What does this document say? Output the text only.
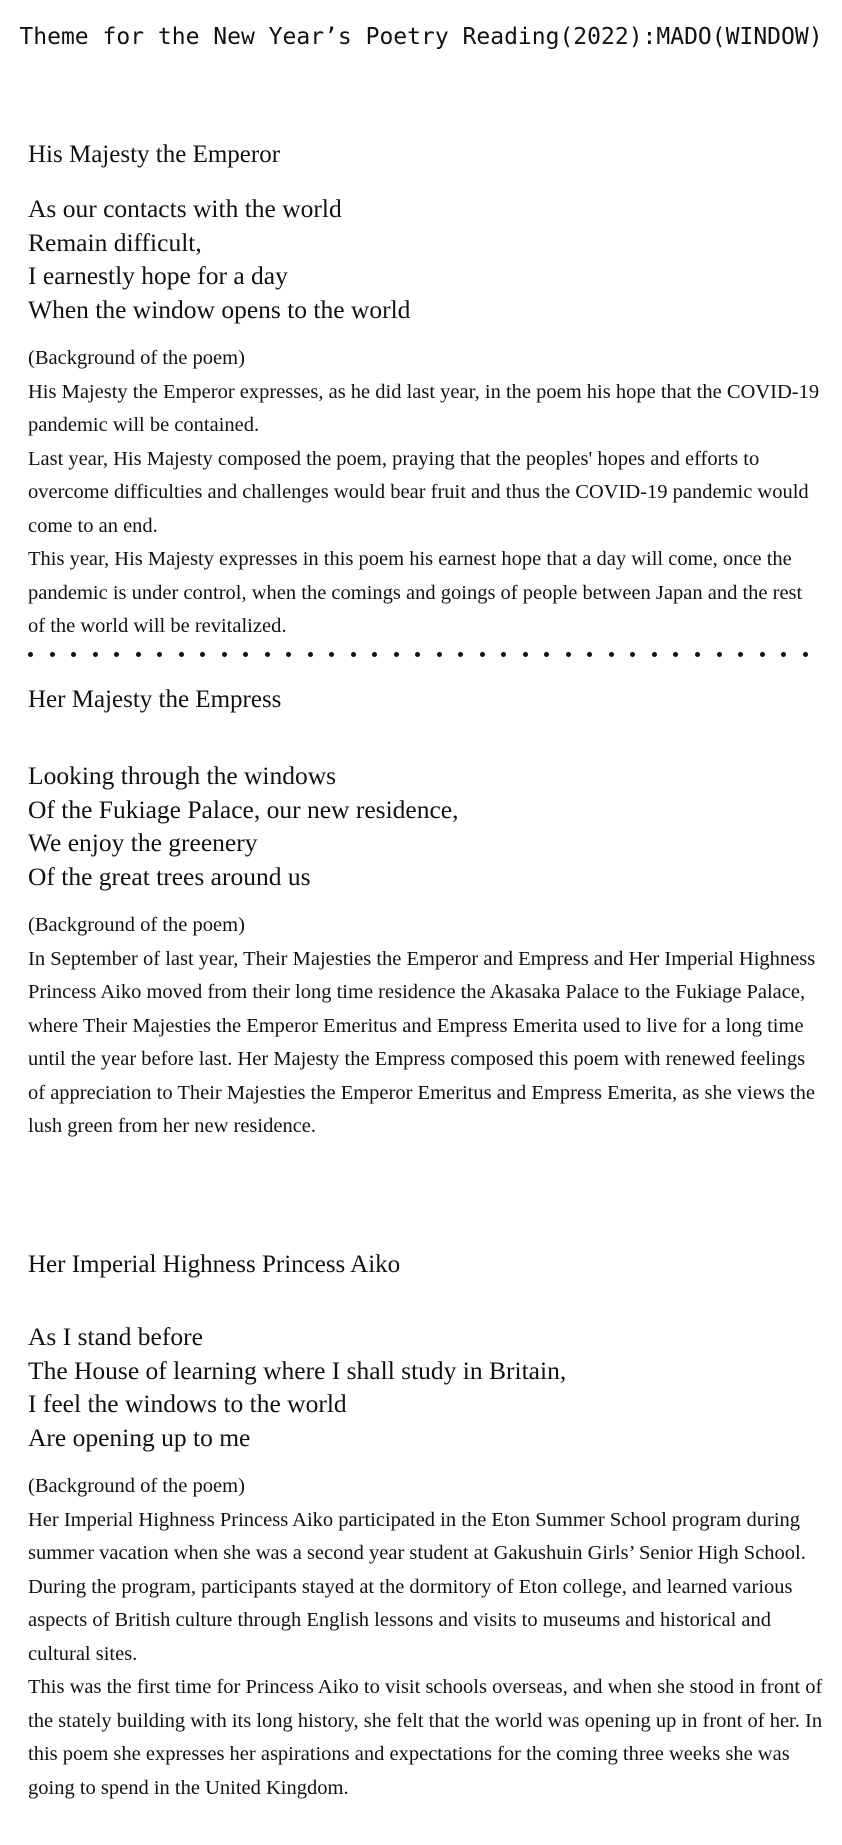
Theme for the New Year’s Poetry Reading(2022):MADO(WINDOW)

His Majesty the Emperor

As our contacts with the world
Remain difficult,
I earnestly hope for a day
When the window opens to the world

(Background of the poem)

His Majesty the Emperor expresses, as he did last year, in the poem his hope that the COVID-19 pandemic will be contained.

Last year, His Majesty composed the poem, praying that the peoples' hopes and efforts to overcome difficulties and challenges would bear fruit and thus the COVID-19 pandemic would come to an end.

This year, His Majesty expresses in this poem his earnest hope that a day will come, once the pandemic is under control, when the comings and goings of people between Japan and the rest of the world will be revitalized.

Her Majesty the Empress

Looking through the windows
Of the Fukiage Palace, our new residence,
We enjoy the greenery
Of the great trees around us

(Background of the poem)

In September of last year, Their Majesties the Emperor and Empress and Her Imperial Highness Princess Aiko moved from their long time residence the Akasaka Palace to the Fukiage Palace, where Their Majesties the Emperor Emeritus and Empress Emerita used to live for a long time until the year before last. Her Majesty the Empress composed this poem with renewed feelings of appreciation to Their Majesties the Emperor Emeritus and Empress Emerita, as she views the lush green from her new residence.

Her Imperial Highness Princess Aiko

As I stand before
The House of learning where I shall study in Britain,
I feel the windows to the world
Are opening up to me

(Background of the poem)

Her Imperial Highness Princess Aiko participated in the Eton Summer School program during summer vacation when she was a second year student at Gakushuin Girls’ Senior High School. During the program, participants stayed at the dormitory of Eton college, and learned various aspects of British culture through English lessons and visits to museums and historical and cultural sites.

This was the first time for Princess Aiko to visit schools overseas, and when she stood in front of the stately building with its long history, she felt that the world was opening up in front of her. In this poem she expresses her aspirations and expectations for the coming three weeks she was going to spend in the United Kingdom.
